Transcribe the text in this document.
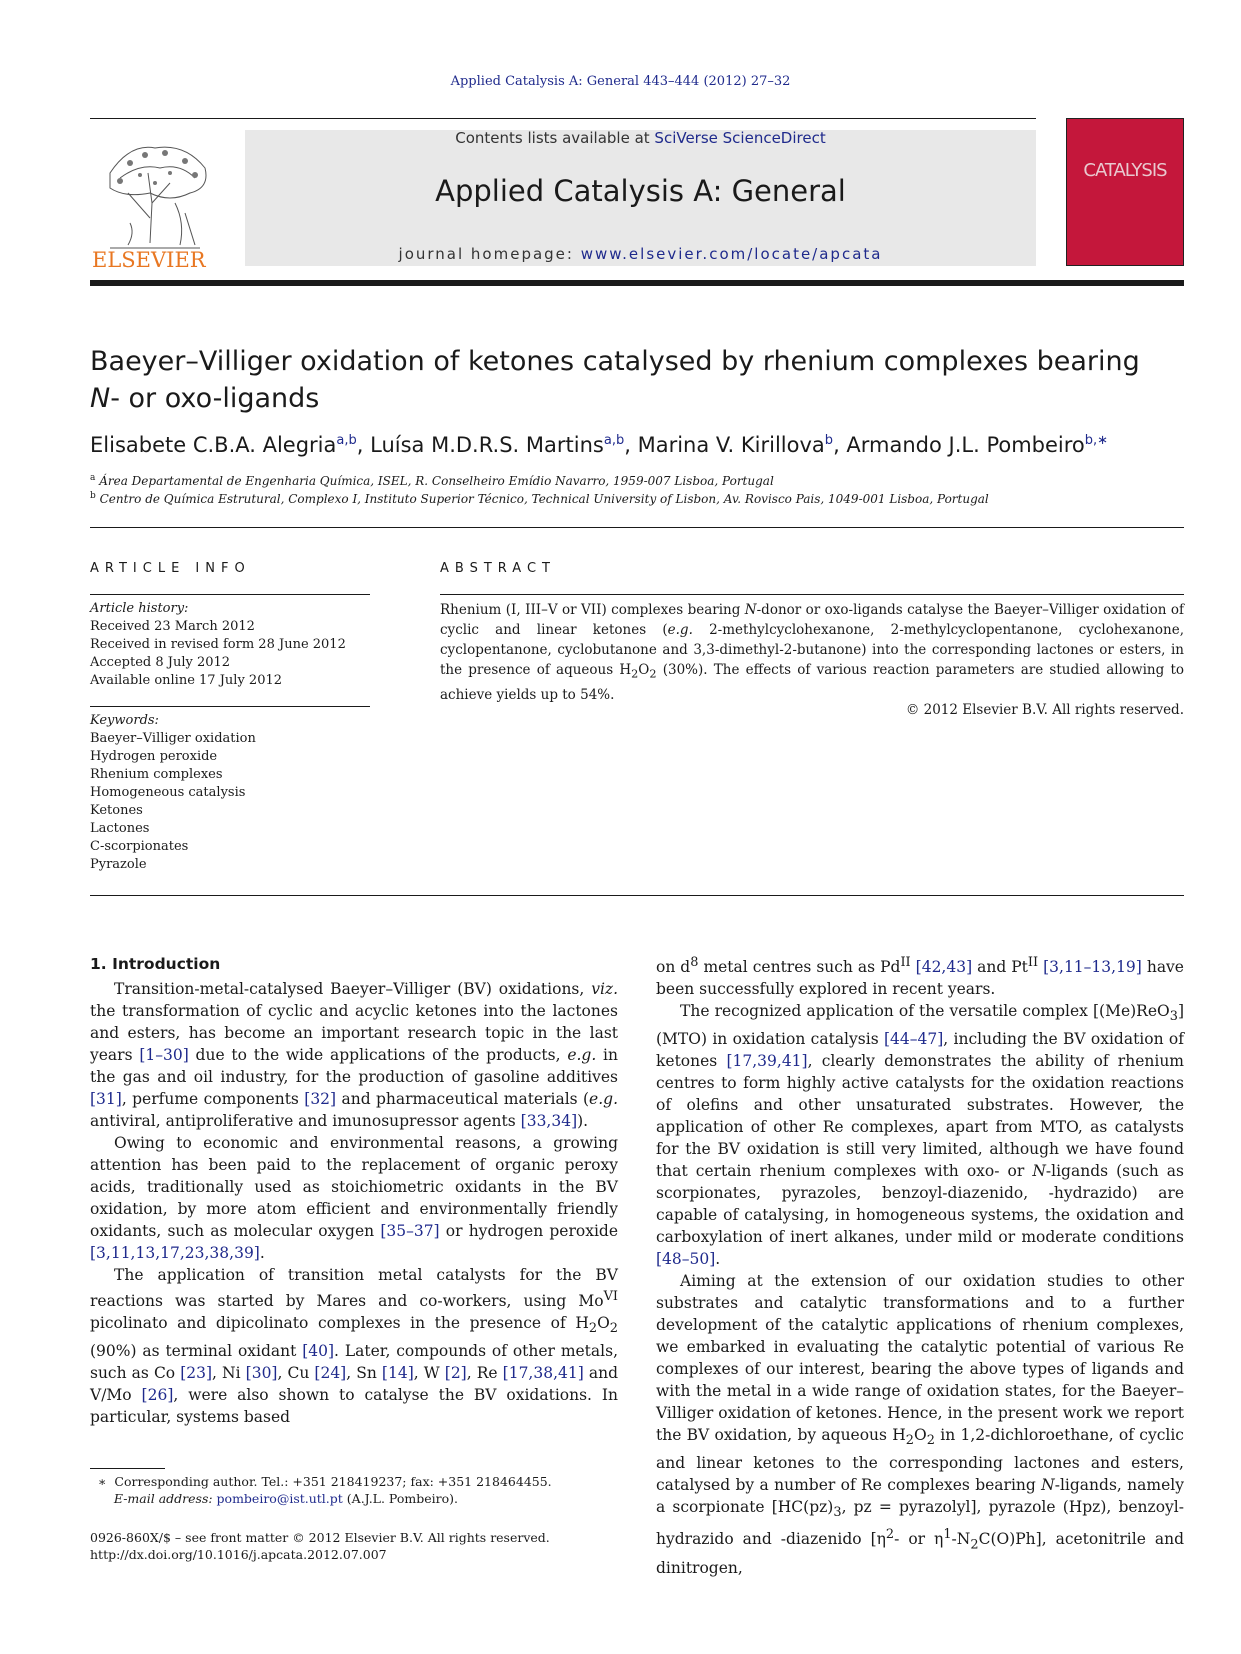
Applied Catalysis A: General 443–444 (2012) 27–32
ELSEVIER
Contents lists available at SciVerse ScienceDirect
Applied Catalysis A: General
journal homepage: www.elsevier.com/locate/apcata
CATALYSIS
Baeyer–Villiger oxidation of ketones catalysed by rhenium complexes bearing
N- or oxo-ligands
Elisabete C.B.A. Alegria$^{a,b}$, Luísa M.D.R.S. Martins$^{a,b}$, Marina V. Kirillova$^b$, Armando J.L. Pombeiro$^{b,∗}$
$^a$ Área Departamental de Engenharia Química, ISEL, R. Conselheiro Emídio Navarro, 1959-007 Lisboa, Portugal
$^b$ Centro de Química Estrutural, Complexo I, Instituto Superior Técnico, Technical University of Lisbon, Av. Rovisco Pais, 1049-001 Lisboa, Portugal
ARTICLE INFO	ABSTRACT
Article history:
Received 23 March 2012
Received in revised form 28 June 2012
Accepted 8 July 2012
Available online 17 July 2012
Keywords:
Baeyer–Villiger oxidation
Hydrogen peroxide
Rhenium complexes
Homogeneous catalysis
Ketones
Lactones
C-scorpionates
Pyrazole
Rhenium (I, III–V or VII) complexes bearing N-donor or oxo-ligands catalyse the Baeyer–Villiger oxidation of cyclic and linear ketones (e.g. 2-methylcyclohexanone, 2-methylcyclopentanone, cyclohexanone, cyclopentanone, cyclobutanone and 3,3-dimethyl-2-butanone) into the corresponding lactones or esters, in the presence of aqueous $H_2O_2$ (30%). The effects of various reaction parameters are studied allowing to achieve yields up to 54%.
© 2012 Elsevier B.V. All rights reserved.
1. Introduction

Transition-metal-catalysed Baeyer–Villiger (BV) oxidations, viz. the transformation of cyclic and acyclic ketones into the lactones and esters, has become an important research topic in the last years [1–30] due to the wide applications of the products, e.g. in the gas and oil industry, for the production of gasoline additives [31], perfume components [32] and pharmaceutical materials (e.g. antiviral, antiproliferative and imunosupressor agents [33,34]).

Owing to economic and environmental reasons, a growing attention has been paid to the replacement of organic peroxy acids, traditionally used as stoichiometric oxidants in the BV oxidation, by more atom efficient and environmentally friendly oxidants, such as molecular oxygen [35–37] or hydrogen peroxide [3,11,13,17,23,38,39].

The application of transition metal catalysts for the BV reactions was started by Mares and co-workers, using $Mo^{VI}$ picolinato and dipicolinato complexes in the presence of $H_2O_2$ (90%) as terminal oxidant [40]. Later, compounds of other metals, such as Co [23], Ni [30], Cu [24], Sn [14], W [2], Re [17,38,41] and V/Mo [26], were also shown to catalyse the BV oxidations. In particular, systems based

on $d^8$ metal centres such as $Pd^{II}$ [42,43] and $Pt^{II}$ [3,11–13,19] have been successfully explored in recent years.

The recognized application of the versatile complex [(Me)ReO$_3$] (MTO) in oxidation catalysis [44–47], including the BV oxidation of ketones [17,39,41], clearly demonstrates the ability of rhenium centres to form highly active catalysts for the oxidation reactions of olefins and other unsaturated substrates. However, the application of other Re complexes, apart from MTO, as catalysts for the BV oxidation is still very limited, although we have found that certain rhenium complexes with oxo- or N-ligands (such as scorpionates, pyrazoles, benzoyl-diazenido, -hydrazido) are capable of catalysing, in homogeneous systems, the oxidation and carboxylation of inert alkanes, under mild or moderate conditions [48–50].

Aiming at the extension of our oxidation studies to other substrates and catalytic transformations and to a further development of the catalytic applications of rhenium complexes, we embarked in evaluating the catalytic potential of various Re complexes of our interest, bearing the above types of ligands and with the metal in a wide range of oxidation states, for the Baeyer–Villiger oxidation of ketones. Hence, in the present work we report the BV oxidation, by aqueous $H_2O_2$ in 1,2-dichloroethane, of cyclic and linear ketones to the corresponding lactones and esters, catalysed by a number of Re complexes bearing N-ligands, namely a scorpionate [$HC(pz)_3$, pz = pyrazolyl], pyrazole (Hpz), benzoyl-hydrazido and -diazenido [$\eta^2-$ or $\eta^1-N_2C(O)Ph$], acetonitrile and dinitrogen,

∗  Corresponding author. Tel.: +351 218419237; fax: +351 218464455.
E-mail address: pombeiro@ist.utl.pt (A.J.L. Pombeiro).
0926-860X/$ – see front matter © 2012 Elsevier B.V. All rights reserved.
http://dx.doi.org/10.1016/j.apcata.2012.07.007
